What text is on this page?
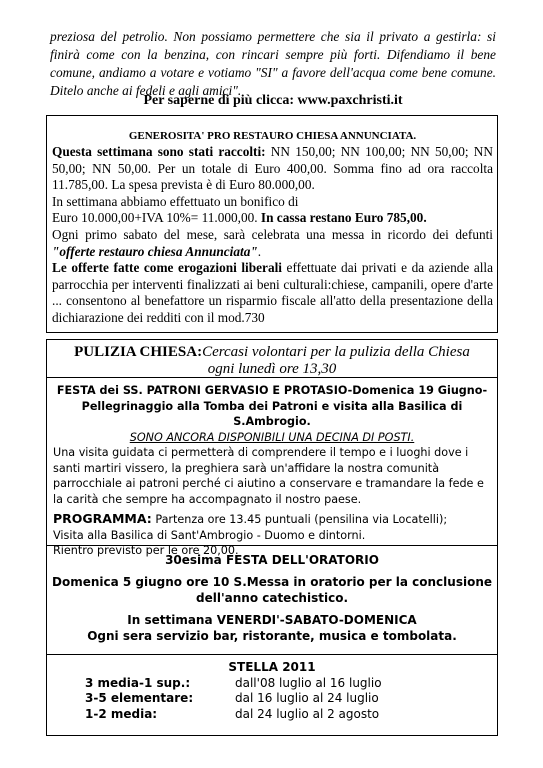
preziosa del petrolio. Non possiamo permettere che sia il privato a gestirla: si finirà come con la benzina, con rincari sempre più forti. Difendiamo il bene comune, andiamo a votare e votiamo "SI" a favore dell'acqua come bene comune. Ditelo anche ai fedeli e agli amici".
Per saperne di più clicca: www.paxchristi.it
GENEROSITA' PRO RESTAURO CHIESA ANNUNCIATA.
Questa settimana sono stati raccolti: NN 150,00; NN 100,00; NN 50,00; NN 50,00; NN 50,00. Per un totale di Euro 400,00. Somma fino ad ora raccolta 11.785,00. La spesa prevista è di Euro 80.000,00.
In settimana abbiamo effettuato un bonifico di
Euro 10.000,00+IVA 10%= 11.000,00. In cassa restano Euro 785,00.
Ogni primo sabato del mese, sarà celebrata una messa in ricordo dei defunti "offerte restauro chiesa Annunciata".
Le offerte fatte come erogazioni liberali effettuate dai privati e da aziende alla parrocchia per interventi finalizzati ai beni culturali:chiese, campanili, opere d'arte ... consentono al benefattore un risparmio fiscale all'atto della presentazione della dichiarazione dei redditi con il mod.730
PULIZIA CHIESA:Cercasi volontari per la pulizia della Chiesa
ogni lunedì ore 13,30
FESTA dei SS. PATRONI GERVASIO E PROTASIO-Domenica 19 Giugno-
Pellegrinaggio alla Tomba dei Patroni e visita alla Basilica di S.Ambrogio.
SONO ANCORA DISPONIBILI UNA DECINA DI POSTI.
Una visita guidata ci permetterà di comprendere il tempo e i luoghi dove i santi martiri vissero, la preghiera sarà un'affidare la nostra comunità parrocchiale ai patroni perché ci aiutino a conservare e tramandare la fede e la carità che sempre ha accompagnato il nostro paese.
PROGRAMMA: Partenza ore 13.45 puntuali (pensilina via Locatelli);
Visita alla Basilica di Sant'Ambrogio - Duomo e dintorni.
Rientro previsto per le ore 20,00.
30esima FESTA DELL'ORATORIO
Domenica 5 giugno ore 10 S.Messa in oratorio per la conclusione
dell'anno catechistico.
In settimana VENERDI'-SABATO-DOMENICA
Ogni sera servizio bar, ristorante, musica e tombolata.
STELLA 2011
3 media-1 sup.:	dall'08 luglio al 16 luglio
3-5 elementare:	dal 16 luglio al 24 luglio
1-2 media:	dal 24 luglio al 2 agosto
